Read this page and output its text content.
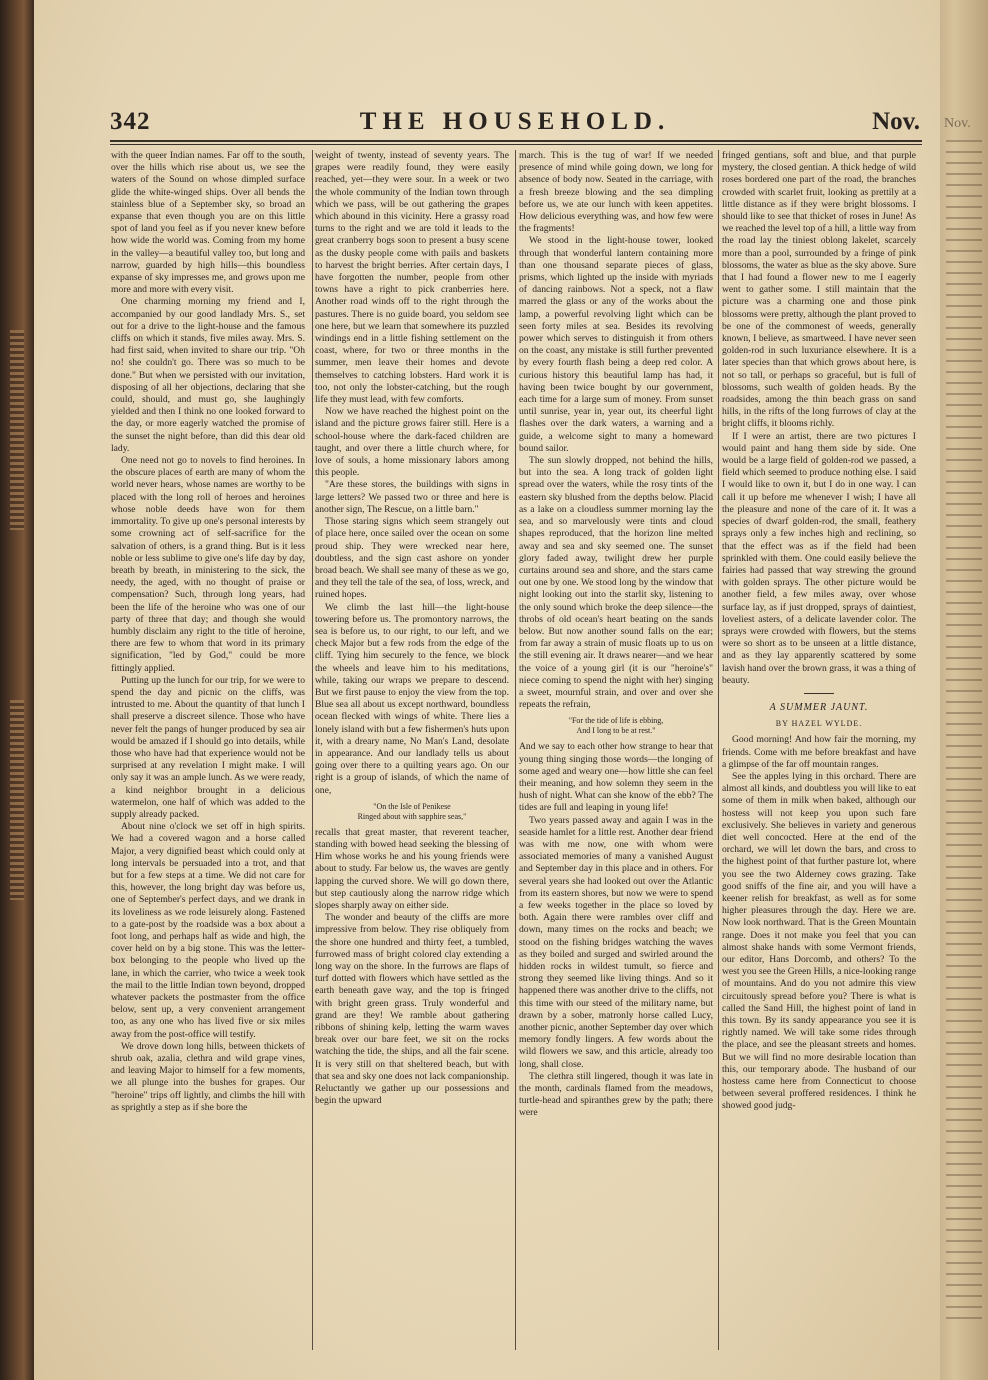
Nov.
342	THE HOUSEHOLD.	Nov.

with the queer Indian names. Far off to the south, over the hills which rise about us, we see the waters of the Sound on whose dimpled surface glide the white-winged ships. Over all bends the stainless blue of a September sky, so broad an expanse that even though you are on this little spot of land you feel as if you never knew before how wide the world was. Coming from my home in the valley—a beautiful valley too, but long and narrow, guarded by high hills—this boundless expanse of sky impresses me, and grows upon me more and more with every visit.

One charming morning my friend and I, accompanied by our good landlady Mrs. S., set out for a drive to the light-house and the famous cliffs on which it stands, five miles away. Mrs. S. had first said, when invited to share our trip. "Oh no! she couldn't go. There was so much to be done." But when we persisted with our invitation, disposing of all her objections, declaring that she could, should, and must go, she laughingly yielded and then I think no one looked forward to the day, or more eagerly watched the promise of the sunset the night before, than did this dear old lady.

One need not go to novels to find heroines. In the obscure places of earth are many of whom the world never hears, whose names are worthy to be placed with the long roll of heroes and heroines whose noble deeds have won for them immortality. To give up one's personal interests by some crowning act of self-sacrifice for the salvation of others, is a grand thing. But is it less noble or less sublime to give one's life day by day, breath by breath, in ministering to the sick, the needy, the aged, with no thought of praise or compensation? Such, through long years, had been the life of the heroine who was one of our party of three that day; and though she would humbly disclaim any right to the title of heroine, there are few to whom that word in its primary signification, "led by God," could be more fittingly applied.

Putting up the lunch for our trip, for we were to spend the day and picnic on the cliffs, was intrusted to me. About the quantity of that lunch I shall preserve a discreet silence. Those who have never felt the pangs of hunger produced by sea air would be amazed if I should go into details, while those who have had that experience would not be surprised at any revelation I might make. I will only say it was an ample lunch. As we were ready, a kind neighbor brought in a delicious watermelon, one half of which was added to the supply already packed.

About nine o'clock we set off in high spirits. We had a covered wagon and a horse called Major, a very dignified beast which could only at long intervals be persuaded into a trot, and that but for a few steps at a time. We did not care for this, however, the long bright day was before us, one of September's perfect days, and we drank in its loveliness as we rode leisurely along. Fastened to a gate-post by the roadside was a box about a foot long, and perhaps half as wide and high, the cover held on by a big stone. This was the letter-box belonging to the people who lived up the lane, in which the carrier, who twice a week took the mail to the little Indian town beyond, dropped whatever packets the postmaster from the office below, sent up, a very convenient arrangement too, as any one who has lived five or six miles away from the post-office will testify.

We drove down long hills, between thickets of shrub oak, azalia, clethra and wild grape vines, and leaving Major to himself for a few moments, we all plunge into the bushes for grapes. Our "heroine" trips off lightly, and climbs the hill with as sprightly a step as if she bore the

weight of twenty, instead of seventy years. The grapes were readily found, they were easily reached, yet—they were sour. In a week or two the whole community of the Indian town through which we pass, will be out gathering the grapes which abound in this vicinity. Here a grassy road turns to the right and we are told it leads to the great cranberry bogs soon to present a busy scene as the dusky people come with pails and baskets to harvest the bright berries. After certain days, I have forgotten the number, people from other towns have a right to pick cranberries here. Another road winds off to the right through the pastures. There is no guide board, you seldom see one here, but we learn that somewhere its puzzled windings end in a little fishing settlement on the coast, where, for two or three months in the summer, men leave their homes and devote themselves to catching lobsters. Hard work it is too, not only the lobster-catching, but the rough life they must lead, with few comforts.

Now we have reached the highest point on the island and the picture grows fairer still. Here is a school-house where the dark-faced children are taught, and over there a little church where, for love of souls, a home missionary labors among this people.

"Are these stores, the buildings with signs in large letters? We passed two or three and here is another sign, The Rescue, on a little barn."

Those staring signs which seem strangely out of place here, once sailed over the ocean on some proud ship. They were wrecked near here, doubtless, and the sign cast ashore on yonder broad beach. We shall see many of these as we go, and they tell the tale of the sea, of loss, wreck, and ruined hopes.

We climb the last hill—the light-house towering before us. The promontory narrows, the sea is before us, to our right, to our left, and we check Major but a few rods from the edge of the cliff. Tying him securely to the fence, we block the wheels and leave him to his meditations, while, taking our wraps we prepare to descend. But we first pause to enjoy the view from the top. Blue sea all about us except northward, boundless ocean flecked with wings of white. There lies a lonely island with but a few fishermen's huts upon it, with a dreary name, No Man's Land, desolate in appearance. And our landlady tells us about going over there to a quilting years ago. On our right is a group of islands, of which the name of one,

"On the Isle of Penikese
Ringed about with sapphire seas,"

recalls that great master, that reverent teacher, standing with bowed head seeking the blessing of Him whose works he and his young friends were about to study. Far below us, the waves are gently lapping the curved shore. We will go down there, but step cautiously along the narrow ridge which slopes sharply away on either side.

The wonder and beauty of the cliffs are more impressive from below. They rise obliquely from the shore one hundred and thirty feet, a tumbled, furrowed mass of bright colored clay extending a long way on the shore. In the furrows are flaps of turf dotted with flowers which have settled as the earth beneath gave way, and the top is fringed with bright green grass. Truly wonderful and grand are they! We ramble about gathering ribbons of shining kelp, letting the warm waves break over our bare feet, we sit on the rocks watching the tide, the ships, and all the fair scene. It is very still on that sheltered beach, but with that sea and sky one does not lack companionship. Reluctantly we gather up our possessions and begin the upward

march. This is the tug of war! If we needed presence of mind while going down, we long for absence of body now. Seated in the carriage, with a fresh breeze blowing and the sea dimpling before us, we ate our lunch with keen appetites. How delicious everything was, and how few were the fragments!

We stood in the light-house tower, looked through that wonderful lantern containing more than one thousand separate pieces of glass, prisms, which lighted up the inside with myriads of dancing rainbows. Not a speck, not a flaw marred the glass or any of the works about the lamp, a powerful revolving light which can be seen forty miles at sea. Besides its revolving power which serves to distinguish it from others on the coast, any mistake is still further prevented by every fourth flash being a deep red color. A curious history this beautiful lamp has had, it having been twice bought by our government, each time for a large sum of money. From sunset until sunrise, year in, year out, its cheerful light flashes over the dark waters, a warning and a guide, a welcome sight to many a homeward bound sailor.

The sun slowly dropped, not behind the hills, but into the sea. A long track of golden light spread over the waters, while the rosy tints of the eastern sky blushed from the depths below. Placid as a lake on a cloudless summer morning lay the sea, and so marvelously were tints and cloud shapes reproduced, that the horizon line melted away and sea and sky seemed one. The sunset glory faded away, twilight drew her purple curtains around sea and shore, and the stars came out one by one. We stood long by the window that night looking out into the starlit sky, listening to the only sound which broke the deep silence—the throbs of old ocean's heart beating on the sands below. But now another sound falls on the ear; from far away a strain of music floats up to us on the still evening air. It draws nearer—and we hear the voice of a young girl (it is our "heroine's" niece coming to spend the night with her) singing a sweet, mournful strain, and over and over she repeats the refrain,

"For the tide of life is ebbing,
And I long to be at rest."

And we say to each other how strange to hear that young thing singing those words—the longing of some aged and weary one—how little she can feel their meaning, and how solemn they seem in the hush of night. What can she know of the ebb? The tides are full and leaping in young life!

Two years passed away and again I was in the seaside hamlet for a little rest. Another dear friend was with me now, one with whom were associated memories of many a vanished August and September day in this place and in others. For several years she had looked out over the Atlantic from its eastern shores, but now we were to spend a few weeks together in the place so loved by both. Again there were rambles over cliff and down, many times on the rocks and beach; we stood on the fishing bridges watching the waves as they boiled and surged and swirled around the hidden rocks in wildest tumult, so fierce and strong they seemed like living things. And so it happened there was another drive to the cliffs, not this time with our steed of the military name, but drawn by a sober, matronly horse called Lucy, another picnic, another September day over which memory fondly lingers. A few words about the wild flowers we saw, and this article, already too long, shall close.

The clethra still lingered, though it was late in the month, cardinals flamed from the meadows, turtle-head and spiranthes grew by the path; there were

fringed gentians, soft and blue, and that purple mystery, the closed gentian. A thick hedge of wild roses bordered one part of the road, the branches crowded with scarlet fruit, looking as prettily at a little distance as if they were bright blossoms. I should like to see that thicket of roses in June! As we reached the level top of a hill, a little way from the road lay the tiniest oblong lakelet, scarcely more than a pool, surrounded by a fringe of pink blossoms, the water as blue as the sky above. Sure that I had found a flower new to me I eagerly went to gather some. I still maintain that the picture was a charming one and those pink blossoms were pretty, although the plant proved to be one of the commonest of weeds, generally known, I believe, as smartweed. I have never seen golden-rod in such luxuriance elsewhere. It is a later species than that which grows about here, is not so tall, or perhaps so graceful, but is full of blossoms, such wealth of golden heads. By the roadsides, among the thin beach grass on sand hills, in the rifts of the long furrows of clay at the bright cliffs, it blooms richly.

If I were an artist, there are two pictures I would paint and hang them side by side. One would be a large field of golden-rod we passed, a field which seemed to produce nothing else. I said I would like to own it, but I do in one way. I can call it up before me whenever I wish; I have all the pleasure and none of the care of it. It was a species of dwarf golden-rod, the small, feathery sprays only a few inches high and reclining, so that the effect was as if the field had been sprinkled with them. One could easily believe the fairies had passed that way strewing the ground with golden sprays. The other picture would be another field, a few miles away, over whose surface lay, as if just dropped, sprays of daintiest, loveliest asters, of a delicate lavender color. The sprays were crowded with flowers, but the stems were so short as to be unseen at a little distance, and as they lay apparently scattered by some lavish hand over the brown grass, it was a thing of beauty.

A SUMMER JAUNT.
BY HAZEL WYLDE.

Good morning! And how fair the morning, my friends. Come with me before breakfast and have a glimpse of the far off mountain ranges.

See the apples lying in this orchard. There are almost all kinds, and doubtless you will like to eat some of them in milk when baked, although our hostess will not keep you upon such fare exclusively. She believes in variety and generous diet well concocted. Here at the end of the orchard, we will let down the bars, and cross to the highest point of that further pasture lot, where you see the two Alderney cows grazing. Take good sniffs of the fine air, and you will have a keener relish for breakfast, as well as for some higher pleasures through the day. Here we are. Now look northward. That is the Green Mountain range. Does it not make you feel that you can almost shake hands with some Vermont friends, our editor, Hans Dorcomb, and others? To the west you see the Green Hills, a nice-looking range of mountains. And do you not admire this view circuitously spread before you? There is what is called the Sand Hill, the highest point of land in this town. By its sandy appearance you see it is rightly named. We will take some rides through the place, and see the pleasant streets and homes. But we will find no more desirable location than this, our temporary abode. The husband of our hostess came here from Connecticut to choose between several proffered residences. I think he showed good judg-
